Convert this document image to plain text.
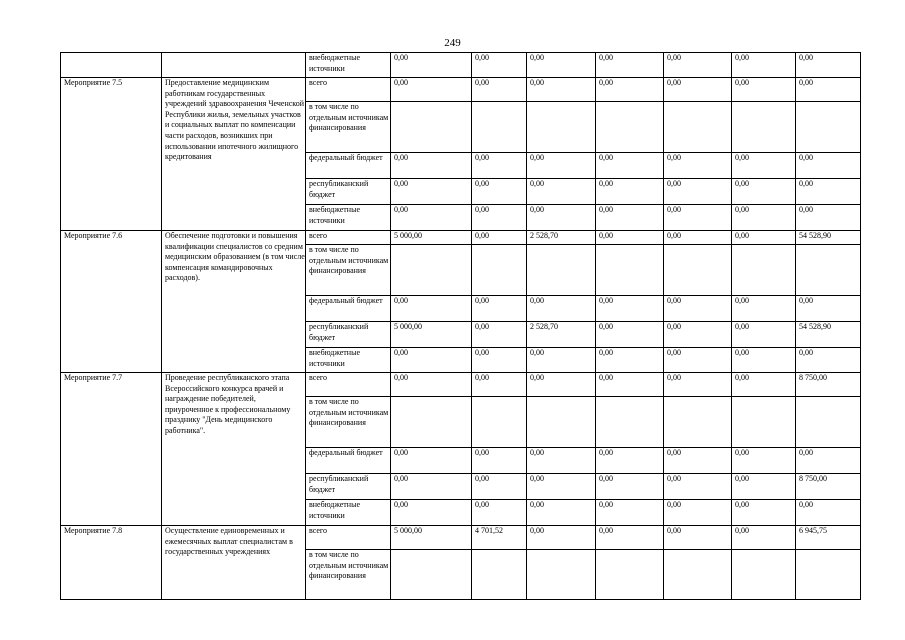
249
		внебюджетные источники	0,00	0,00	0,00	0,00	0,00	0,00	0,00
Мероприятие 7.5	Предоставление медицинским работникам государственных учреждений здравоохранения Чеченской Республики жилья, земельных участков и социальных выплат по компенсации части расходов, возникших при использовании ипотечного жилищного кредитования	всего	0,00	0,00	0,00	0,00	0,00	0,00	0,00
		в том числе по отдельным источникам финансирования							
		федеральный бюджет	0,00	0,00	0,00	0,00	0,00	0,00	0,00
		республиканский бюджет	0,00	0,00	0,00	0,00	0,00	0,00	0,00
		внебюджетные источники	0,00	0,00	0,00	0,00	0,00	0,00	0,00
Мероприятие 7.6	Обеспечение подготовки и повышения квалификации специалистов со средним медицинским образованием (в том числе компенсация командировочных расходов).	всего	5 000,00	0,00	2 528,70	0,00	0,00	0,00	54 528,90
		в том числе по отдельным источникам финансирования							
		федеральный бюджет	0,00	0,00	0,00	0,00	0,00	0,00	0,00
		республиканский бюджет	5 000,00	0,00	2 528,70	0,00	0,00	0,00	54 528,90
		внебюджетные источники	0,00	0,00	0,00	0,00	0,00	0,00	0,00
Мероприятие 7.7	Проведение республиканского этапа Всероссийского конкурса врачей и награждение победителей, приуроченное к профессиональному празднику "День медицинского работника".	всего	0,00	0,00	0,00	0,00	0,00	0,00	8 750,00
		в том числе по отдельным источникам финансирования							
		федеральный бюджет	0,00	0,00	0,00	0,00	0,00	0,00	0,00
		республиканский бюджет	0,00	0,00	0,00	0,00	0,00	0,00	8 750,00
		внебюджетные источники	0,00	0,00	0,00	0,00	0,00	0,00	0,00
Мероприятие 7.8	Осуществление единовременных и ежемесячных выплат специалистам в государственных учреждениях	всего	5 000,00	4 701,52	0,00	0,00	0,00	0,00	6 945,75
		в том числе по отдельным источникам финансирования							
